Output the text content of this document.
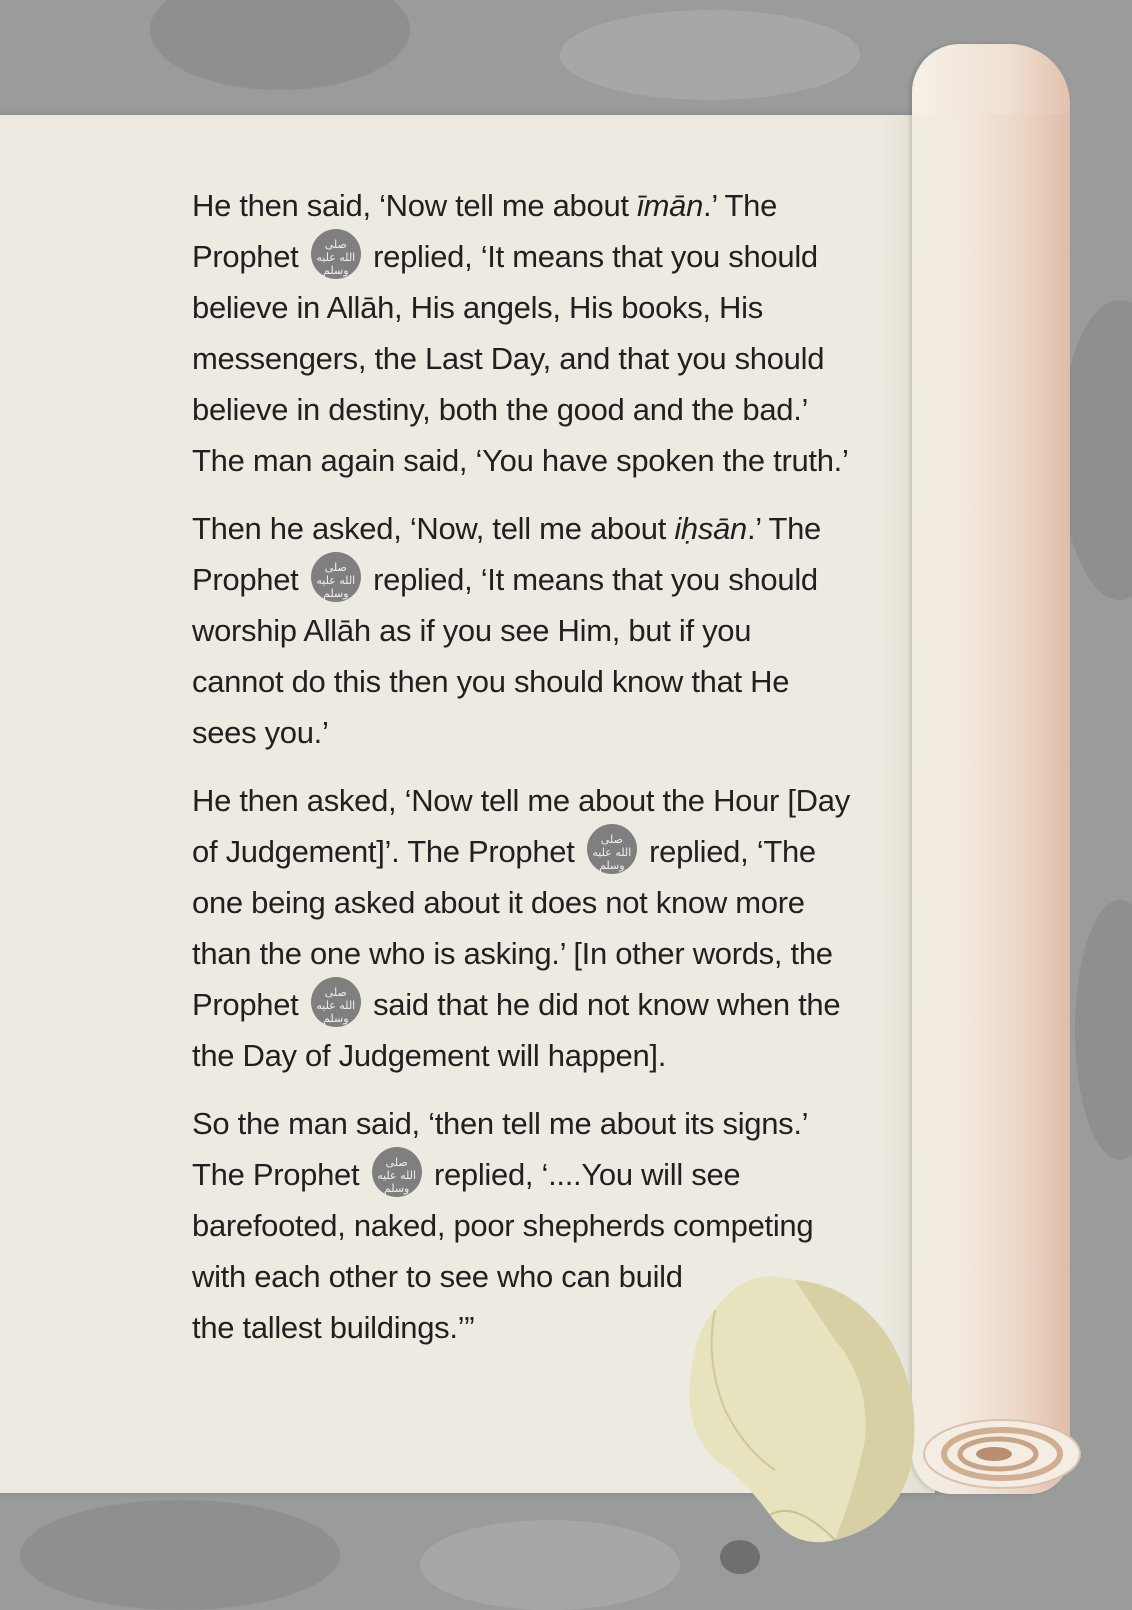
He then said, ‘Now tell me about īmān.’ The
Prophet	صلى
الله عليه
وسلم replied, ‘It means that you should
believe in Allāh, His angels, His books, His
messengers, the Last Day, and that you should
believe in destiny, both the good and the bad.’
The man again said, ‘You have spoken the truth.’
Then he asked, ‘Now, tell me about iḥsān.’ The
Prophet	صلى
الله عليه
وسلم replied, ‘It means that you should
worship Allāh as if you see Him, but if you
cannot do this then you should know that He
sees you.’
He then asked, ‘Now tell me about the Hour [Day
of Judgement]’. The Prophet	صلى
الله عليه
وسلم replied, ‘The
one being asked about it does not know more
than the one who is asking.’ [In other words, the
Prophet	صلى
الله عليه
وسلم said that he did not know when the
the Day of Judgement will happen].
So the man said, ‘then tell me about its signs.’
The Prophet	صلى
الله عليه
وسلم replied, ‘....You will see
barefooted, naked, poor shepherds competing
with each other to see who can build
the tallest buildings.’”
